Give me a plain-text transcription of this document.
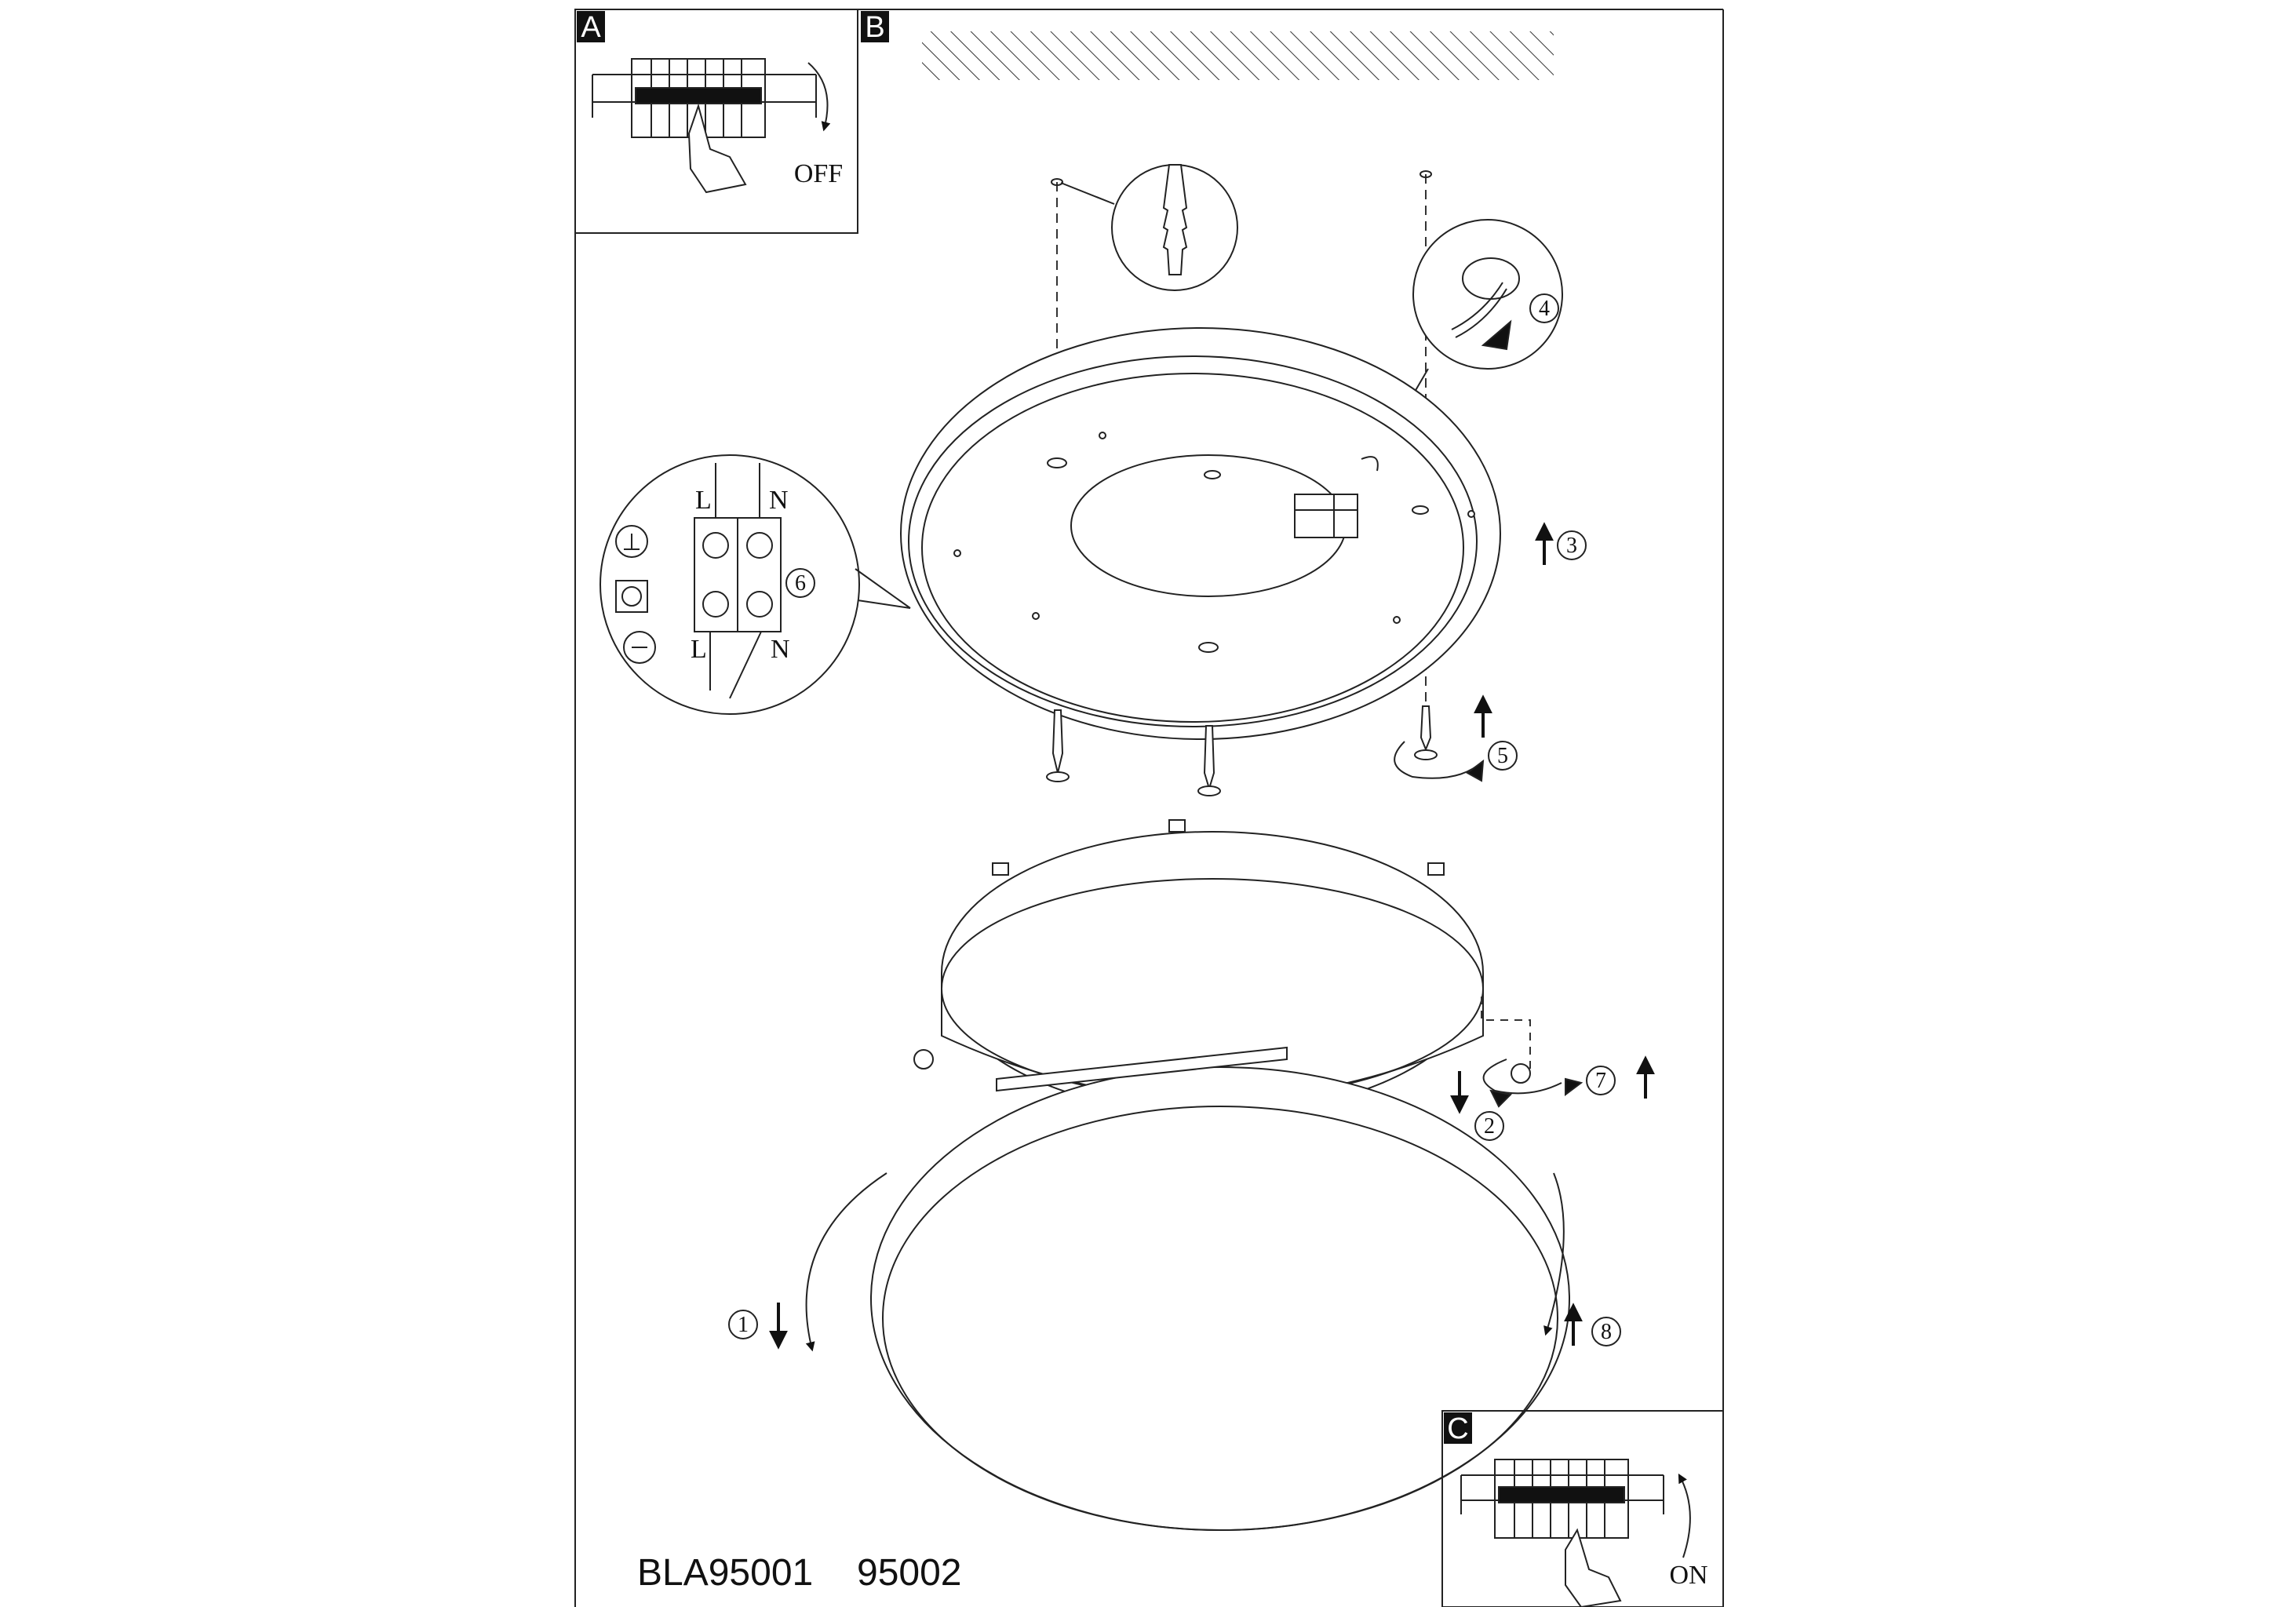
A
OFF
B
4
3
L N
L N
6
5
2
7
1	8
BLA95001 95002
C
ON
